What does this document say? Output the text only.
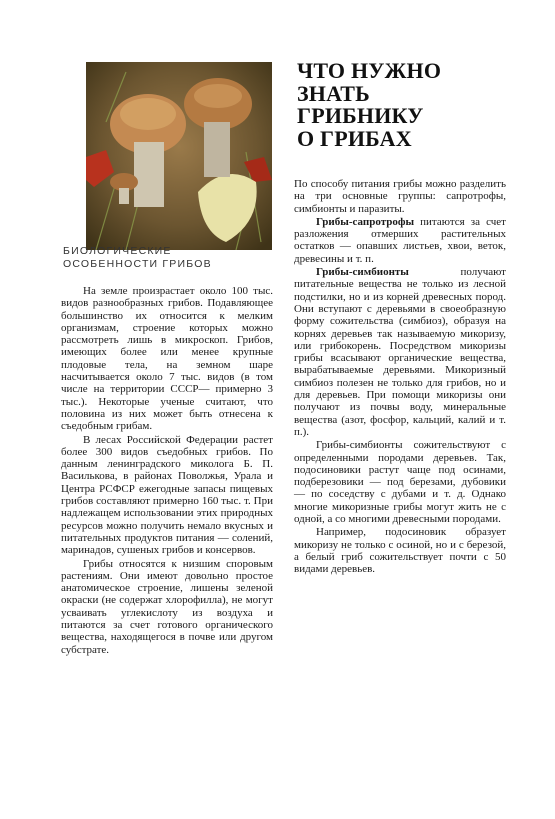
БИОЛОГИЧЕСКИЕ
ОСОБЕННОСТИ ГРИБОВ

На земле произрастает около 100 тыс. видов разнообразных грибов. Подавляющее большинство их относится к мелким организмам, строение которых можно рассмотреть лишь в микроскоп. Грибов, имеющих более или менее крупные плодовые тела, на земном шаре насчитывается около 7 тыс. видов (в том числе на территории СССР— примерно 3 тыс.). Некоторые ученые считают, что половина из них может быть отнесена к съедобным грибам.

В лесах Российской Федерации растет более 300 видов съедобных грибов. По данным ленинградского миколога Б. П. Василькова, в районах Поволжья, Урала и Центра РСФСР ежегодные запасы пищевых грибов составляют примерно 160 тыс. т. При надлежащем использовании этих природных ресурсов можно получить немало вкусных и питательных продуктов питания — солений, маринадов, сушеных грибов и консервов.

Грибы относятся к низшим споровым растениям. Они имеют довольно простое анатомическое строение, лишены зеленой окраски (не содержат хлорофилла), не могут усваивать углекислоту из воздуха и питаются за счет готового органического вещества, находящегося в почве или другом субстрате.

ЧТО НУЖНО
ЗНАТЬ
ГРИБНИКУ
О ГРИБАХ

По способу питания грибы можно разделить на три основные группы: сапротрофы, симбионты и паразиты.

Грибы-сапротрофы питаются за счет разложения отмерших растительных остатков — опавших листьев, хвои, веток, древесины и т. п.

Грибы-симбионты получают питательные вещества не только из лесной подстилки, но и из корней древесных пород. Они вступают с деревьями в своеобразную форму сожительства (симбиоз), образуя на корнях деревьев так называемую микоризу, или грибокорень. Посредством микоризы грибы всасывают органические вещества, вырабатываемые деревьями. Микоризный симбиоз полезен не только для грибов, но и для деревьев. При помощи микоризы они получают из почвы воду, минеральные вещества (азот, фосфор, кальций, калий и т. п.).

Грибы-симбионты сожительствуют с определенными породами деревьев. Так, подосиновики растут чаще под осинами, подберезовики — под березами, дубовики — по соседству с дубами и т. д. Однако многие микоризные грибы могут жить не с одной, а со многими древесными породами.

Например, подосиновик образует микоризу не только с осиной, но и с березой, а белый гриб сожительствует почти с 50 видами деревьев.
